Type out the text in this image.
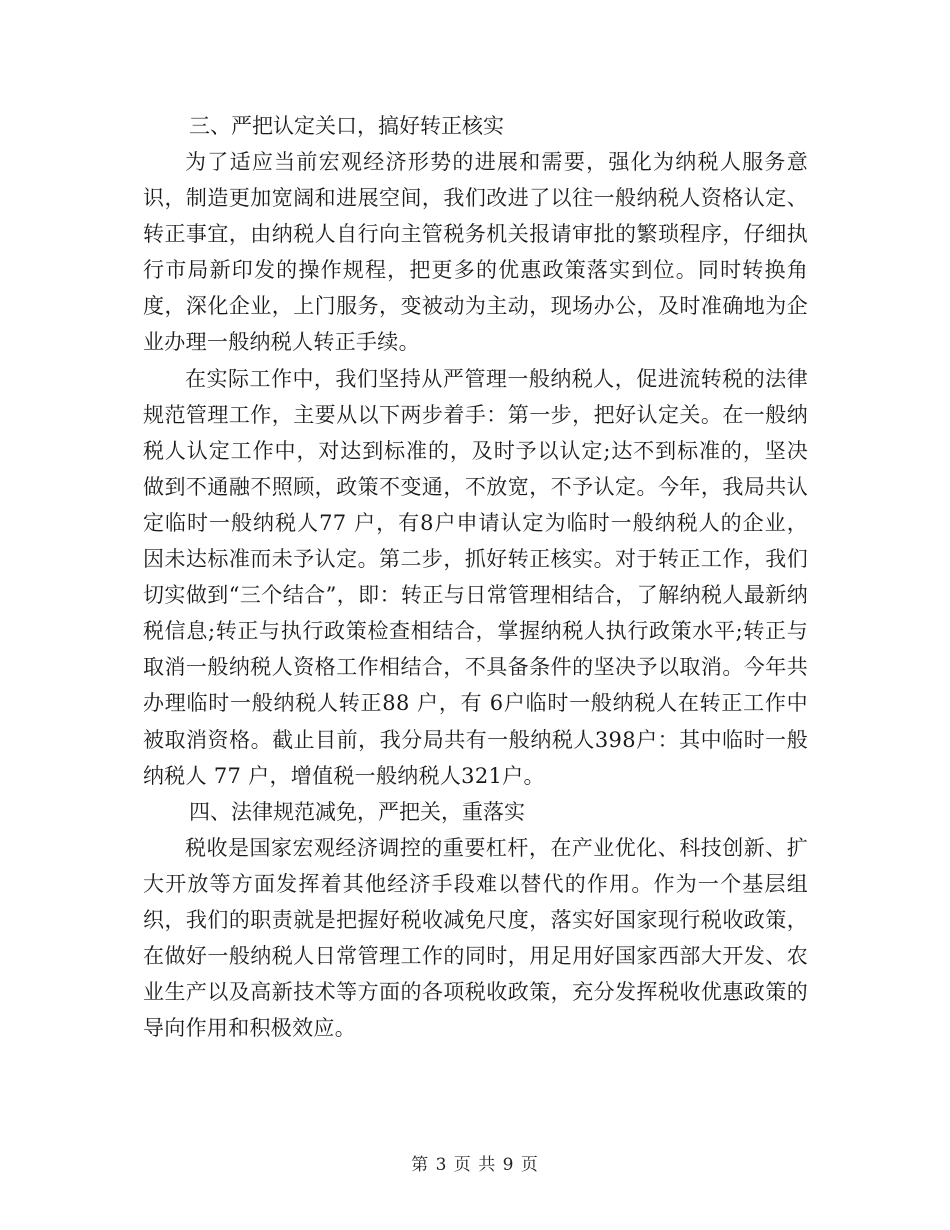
三、严把认定关口，搞好转正核实

为了适应当前宏观经济形势的进展和需要，强化为纳税人服务意识，制造更加宽阔和进展空间，我们改进了以往一般纳税人资格认定、转正事宜，由纳税人自行向主管税务机关报请审批的繁琐程序，仔细执行市局新印发的操作规程，把更多的优惠政策落实到位。同时转换角度，深化企业，上门服务，变被动为主动，现场办公，及时准确地为企业办理一般纳税人转正手续。

在实际工作中，我们坚持从严管理一般纳税人，促进流转税的法律规范管理工作，主要从以下两步着手：第一步，把好认定关。在一般纳税人认定工作中，对达到标准的，及时予以认定;达不到标准的，坚决做到不通融不照顾，政策不变通，不放宽，不予认定。今年，我局共认定临时一般纳税人77 户，有8户申请认定为临时一般纳税人的企业，因未达标准而未予认定。第二步，抓好转正核实。对于转正工作，我们切实做到“三个结合”，即：转正与日常管理相结合，了解纳税人最新纳税信息;转正与执行政策检查相结合，掌握纳税人执行政策水平;转正与取消一般纳税人资格工作相结合，不具备条件的坚决予以取消。今年共办理临时一般纳税人转正88 户，有 6户临时一般纳税人在转正工作中被取消资格。截止目前，我分局共有一般纳税人398户：其中临时一般纳税人 77 户，增值税一般纳税人321户。

四、法律规范减免，严把关，重落实

税收是国家宏观经济调控的重要杠杆，在产业优化、科技创新、扩大开放等方面发挥着其他经济手段难以替代的作用。作为一个基层组织，我们的职责就是把握好税收减免尺度，落实好国家现行税收政策，在做好一般纳税人日常管理工作的同时，用足用好国家西部大开发、农业生产以及高新技术等方面的各项税收政策，充分发挥税收优惠政策的导向作用和积极效应。

第 3 页 共 9 页
